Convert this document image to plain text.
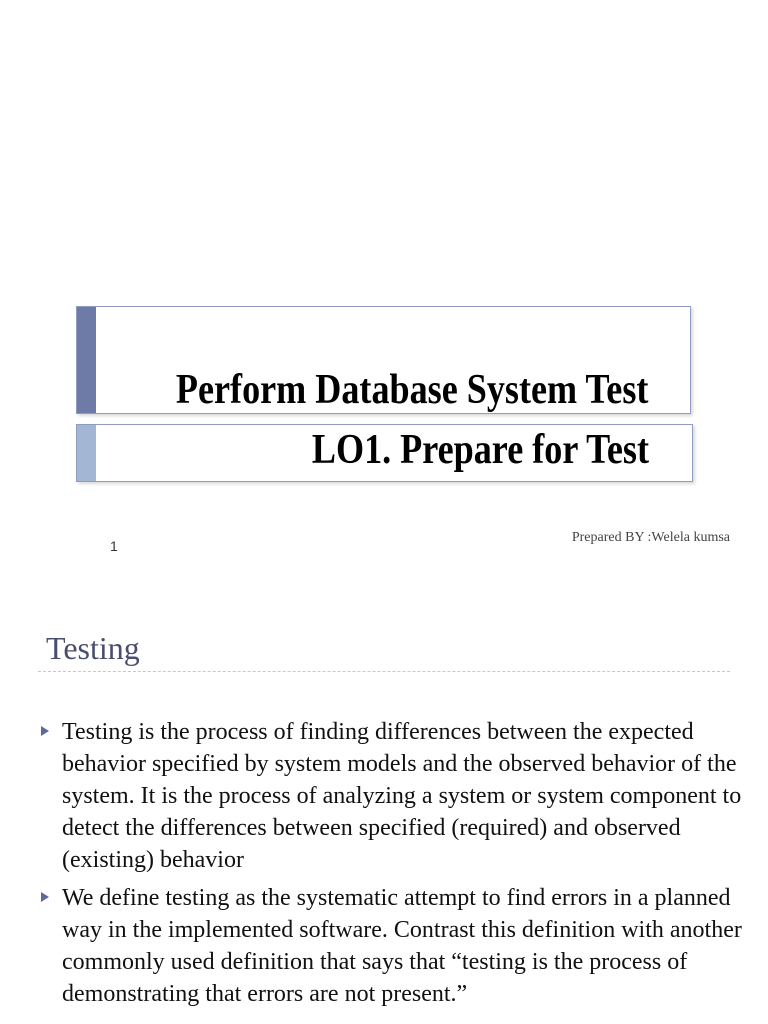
Perform Database System Test
LO1. Prepare for Test
1
Prepared BY :Welela kumsa
Testing
Testing is the process of finding differences between the expected behavior specified by system models and the observed behavior of the system. It is the process of analyzing a system or system component to detect the differences between specified (required) and observed (existing) behavior
We define testing as the systematic attempt to find errors in a planned way in the implemented software. Contrast this definition with another commonly used definition that says that “testing is the process of demonstrating that errors are not present.”
